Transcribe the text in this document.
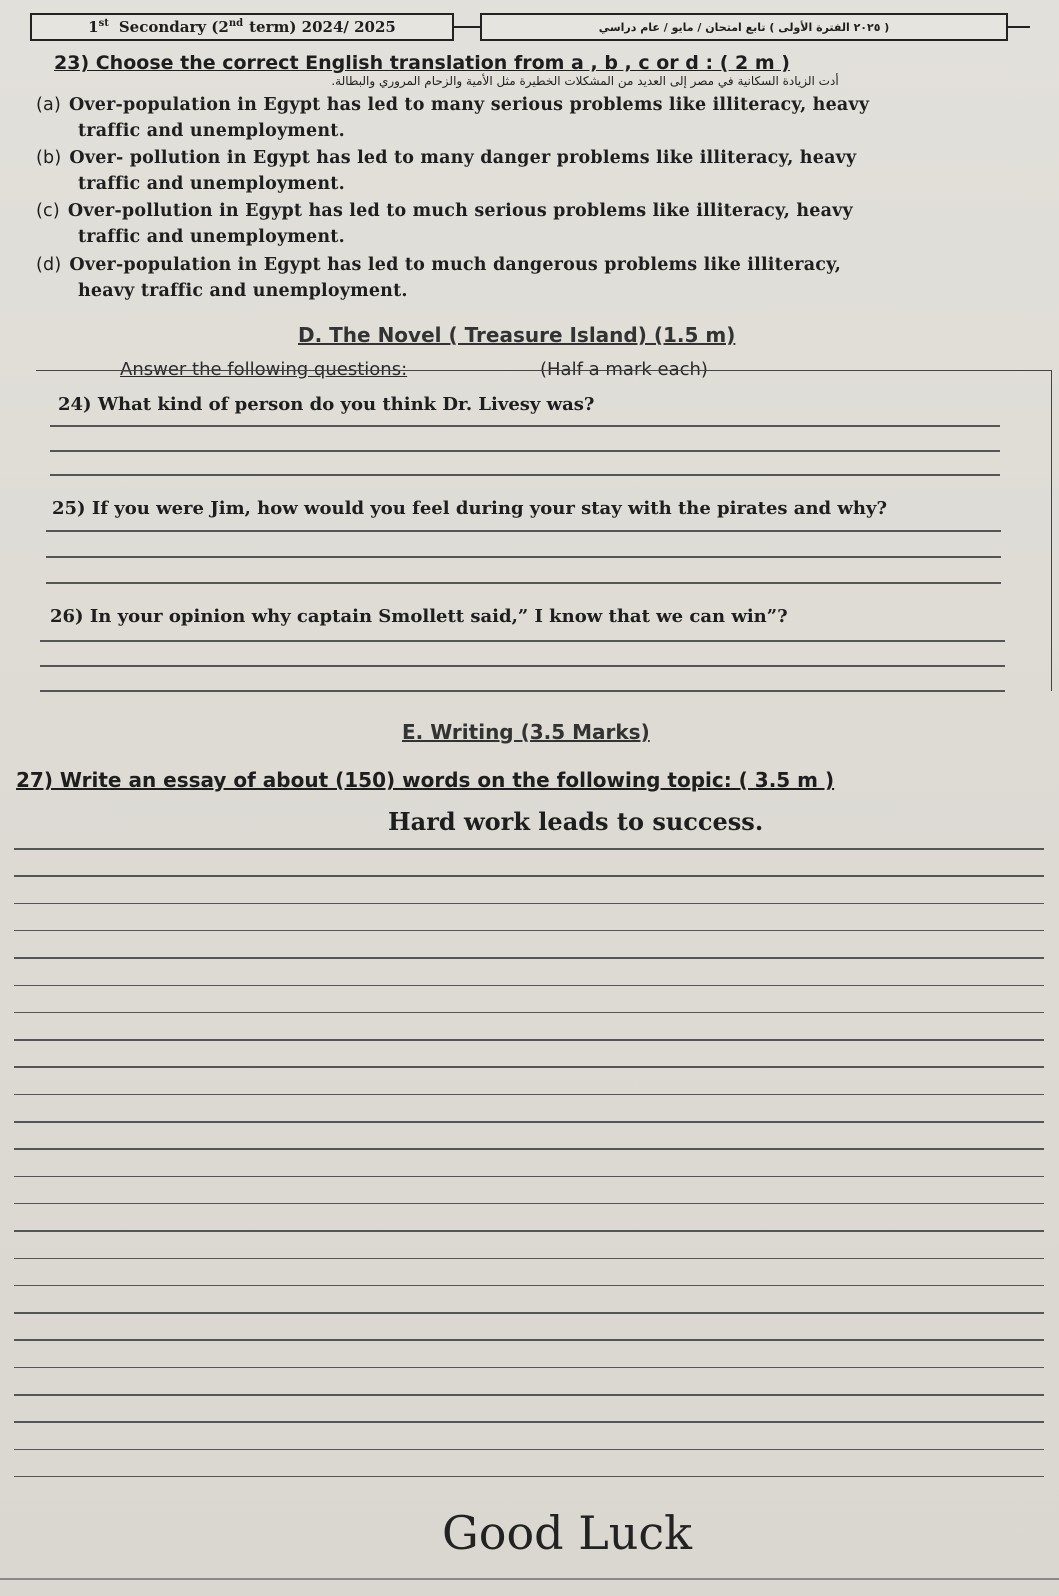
1st Secondary (2nd term) 2024/ 2025	( ٢٠٢٥ الفترة الأولى ) تابع امتحان / مايو / عام دراسي
23) Choose the correct English translation from a , b , c or d : ( 2 m )
أدت الزيادة السكانية في مصر إلى العديد من المشكلات الخطيرة مثل الأمية والزحام المروري والبطالة.
(a) Over-population in Egypt has led to many serious problems like illiteracy, heavy
traffic and unemployment.
(b) Over- pollution in Egypt has led to many danger problems like illiteracy, heavy
traffic and unemployment.
(c) Over-pollution in Egypt has led to much serious problems like illiteracy, heavy
traffic and unemployment.
(d) Over-population in Egypt has led to much dangerous problems like illiteracy,
heavy traffic and unemployment.
D. The Novel ( Treasure Island) (1.5 m)
Answer the following questions:	(Half a mark each)
24) What kind of person do you think Dr. Livesy was?
25) If you were Jim, how would you feel during your stay with the pirates and why?
26) In your opinion why captain Smollett said,” I know that we can win”?
E. Writing (3.5 Marks)
27) Write an essay of about (150) words on the following topic: ( 3.5 m )
Hard work leads to success.
Good Luck
